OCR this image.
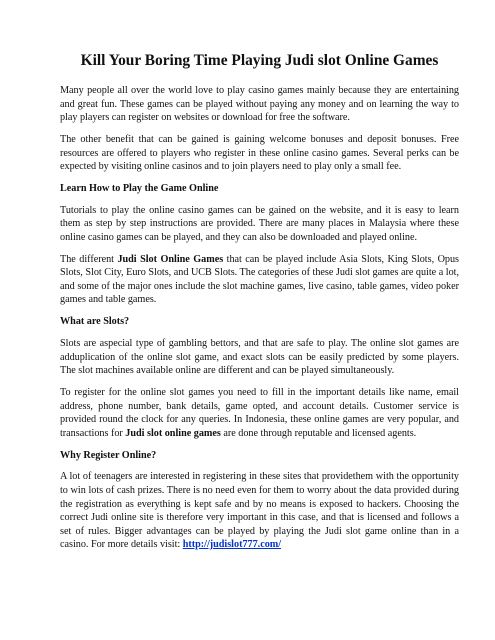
Kill Your Boring Time Playing Judi slot Online Games

Many people all over the world love to play casino games mainly because they are entertaining and great fun. These games can be played without paying any money and on learning the way to play players can register on websites or download for free the software.

The other benefit that can be gained is gaining welcome bonuses and deposit bonuses. Free resources are offered to players who register in these online casino games. Several perks can be expected by visiting online casinos and to join players need to play only a small fee.

Learn How to Play the Game Online

Tutorials to play the online casino games can be gained on the website, and it is easy to learn them as step by step instructions are provided. There are many places in Malaysia where these online casino games can be played, and they can also be downloaded and played online.

The different Judi Slot Online Games that can be played include Asia Slots, King Slots, Opus Slots, Slot City, Euro Slots, and UCB Slots. The categories of these Judi slot games are quite a lot, and some of the major ones include the slot machine games, live casino, table games, video poker games and table games.

What are Slots?

Slots are aspecial type of gambling bettors, and that are safe to play. The online slot games are adduplication of the online slot game, and exact slots can be easily predicted by some players. The slot machines available online are different and can be played simultaneously.

To register for the online slot games you need to fill in the important details like name, email address, phone number, bank details, game opted, and account details. Customer service is provided round the clock for any queries. In Indonesia, these online games are very popular, and transactions for Judi slot online games are done through reputable and licensed agents.

Why Register Online?

A lot of teenagers are interested in registering in these sites that providethem with the opportunity to win lots of cash prizes. There is no need even for them to worry about the data provided during the registration as everything is kept safe and by no means is exposed to hackers. Choosing the correct Judi online site is therefore very important in this case, and that is licensed and follows a set of rules. Bigger advantages can be played by playing the Judi slot game online than in a casino. For more details visit: http://judislot777.com/
